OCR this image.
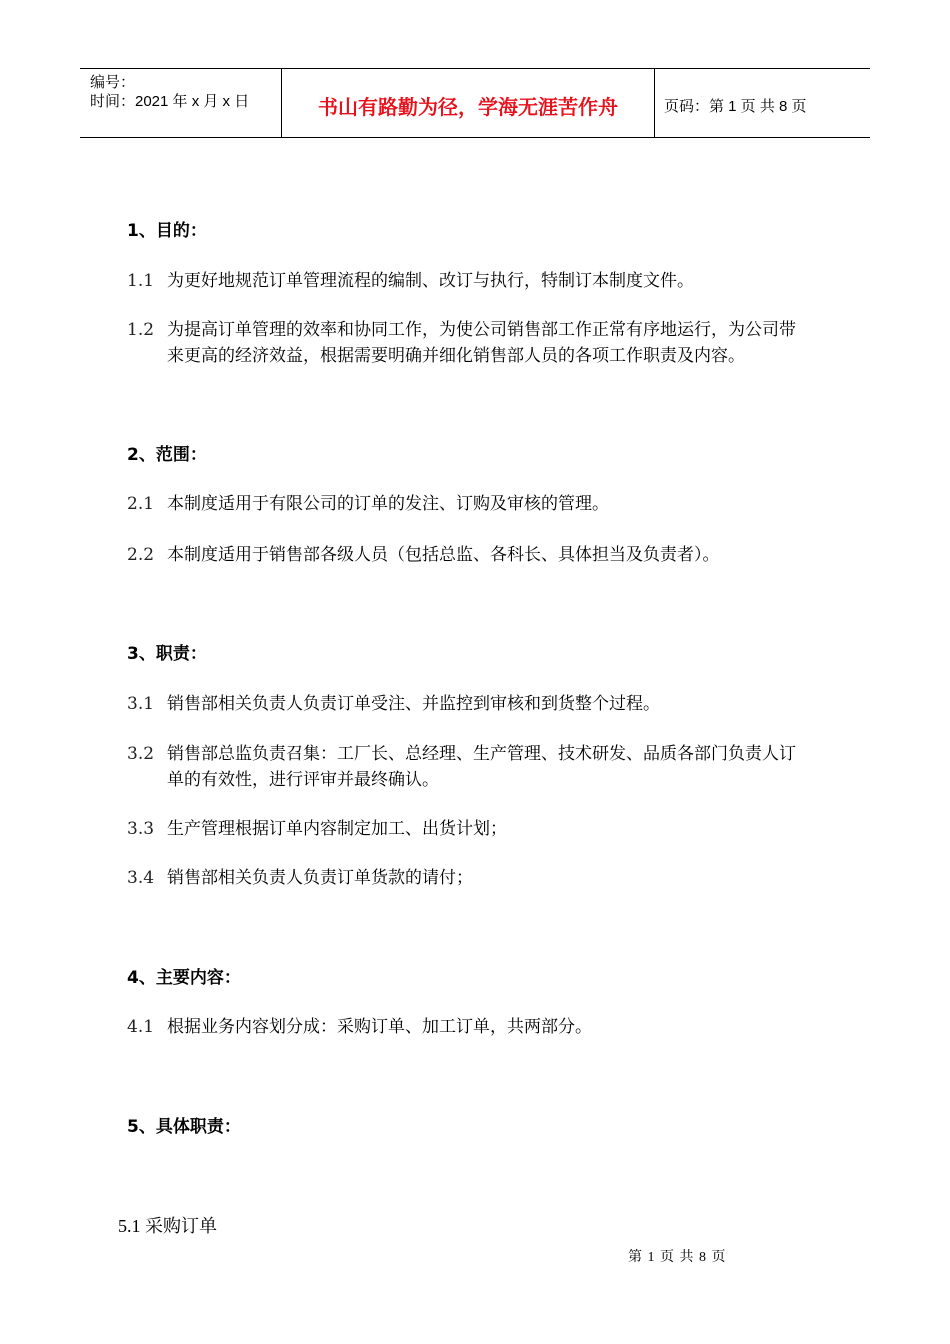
编号：
时间：2021 年 x 月 x 日	书山有路勤为径，学海无涯苦作舟	页码：第 1 页 共 8 页
1、目的：
1.1 为更好地规范订单管理流程的编制、改订与执行，特制订本制度文件。
1.2 为提高订单管理的效率和协同工作，为使公司销售部工作正常有序地运行，为公司带
来更高的经济效益，根据需要明确并细化销售部人员的各项工作职责及内容。
2、范围：
2.1 本制度适用于有限公司的订单的发注、订购及审核的管理。
2.2 本制度适用于销售部各级人员（包括总监、各科长、具体担当及负责者）。
3、职责：
3.1 销售部相关负责人负责订单受注、并监控到审核和到货整个过程。
3.2 销售部总监负责召集：工厂长、总经理、生产管理、技术研发、品质各部门负责人订
单的有效性，进行评审并最终确认。
3.3 生产管理根据订单内容制定加工、出货计划；
3.4 销售部相关负责人负责订单货款的请付；
4、主要内容：
4.1 根据业务内容划分成：采购订单、加工订单，共两部分。
5、具体职责：
5.1 采购订单
第 1 页 共 8 页
